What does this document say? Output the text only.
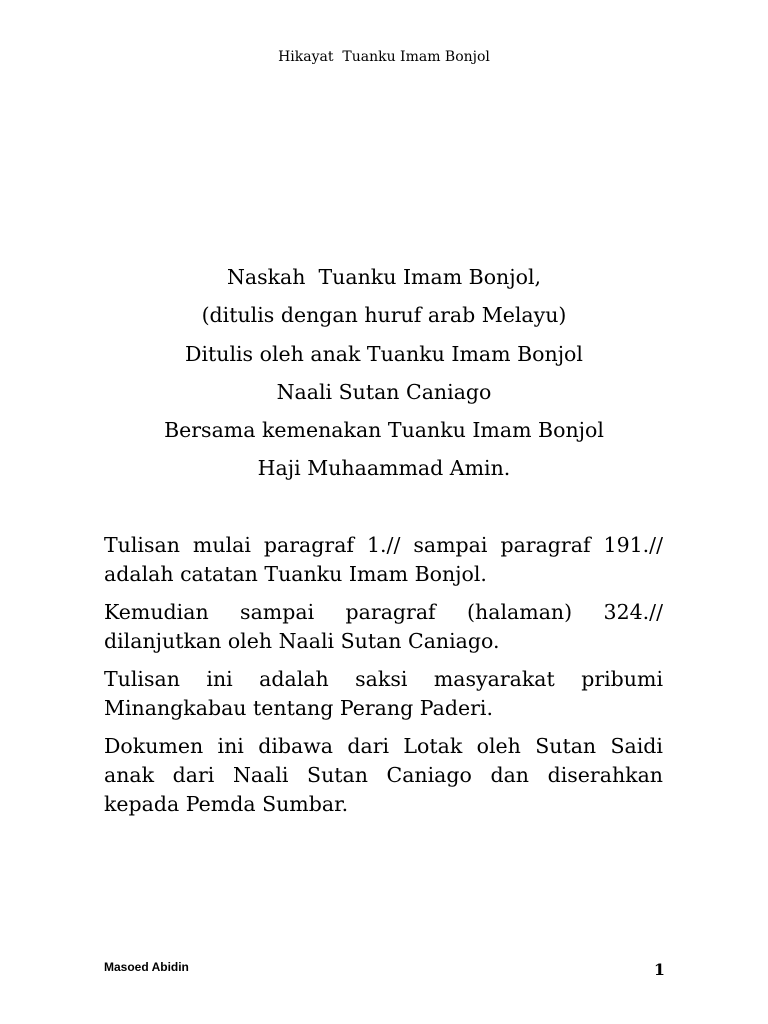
Hikayat  Tuanku Imam Bonjol
Naskah  Tuanku Imam Bonjol,
(ditulis dengan huruf arab Melayu)
Ditulis oleh anak Tuanku Imam Bonjol
Naali Sutan Caniago
Bersama kemenakan Tuanku Imam Bonjol
Haji Muhaammad Amin.

Tulisan mulai paragraf 1.// sampai paragraf 191.// adalah catatan Tuanku Imam Bonjol.

Kemudian sampai paragraf (halaman) 324.// dilanjutkan oleh Naali Sutan Caniago.

Tulisan ini adalah saksi masyarakat pribumi Minangkabau tentang Perang Paderi.

Dokumen ini dibawa dari Lotak oleh Sutan Saidi anak dari Naali Sutan Caniago dan diserahkan kepada Pemda Sumbar.

Masoed Abidin	1
